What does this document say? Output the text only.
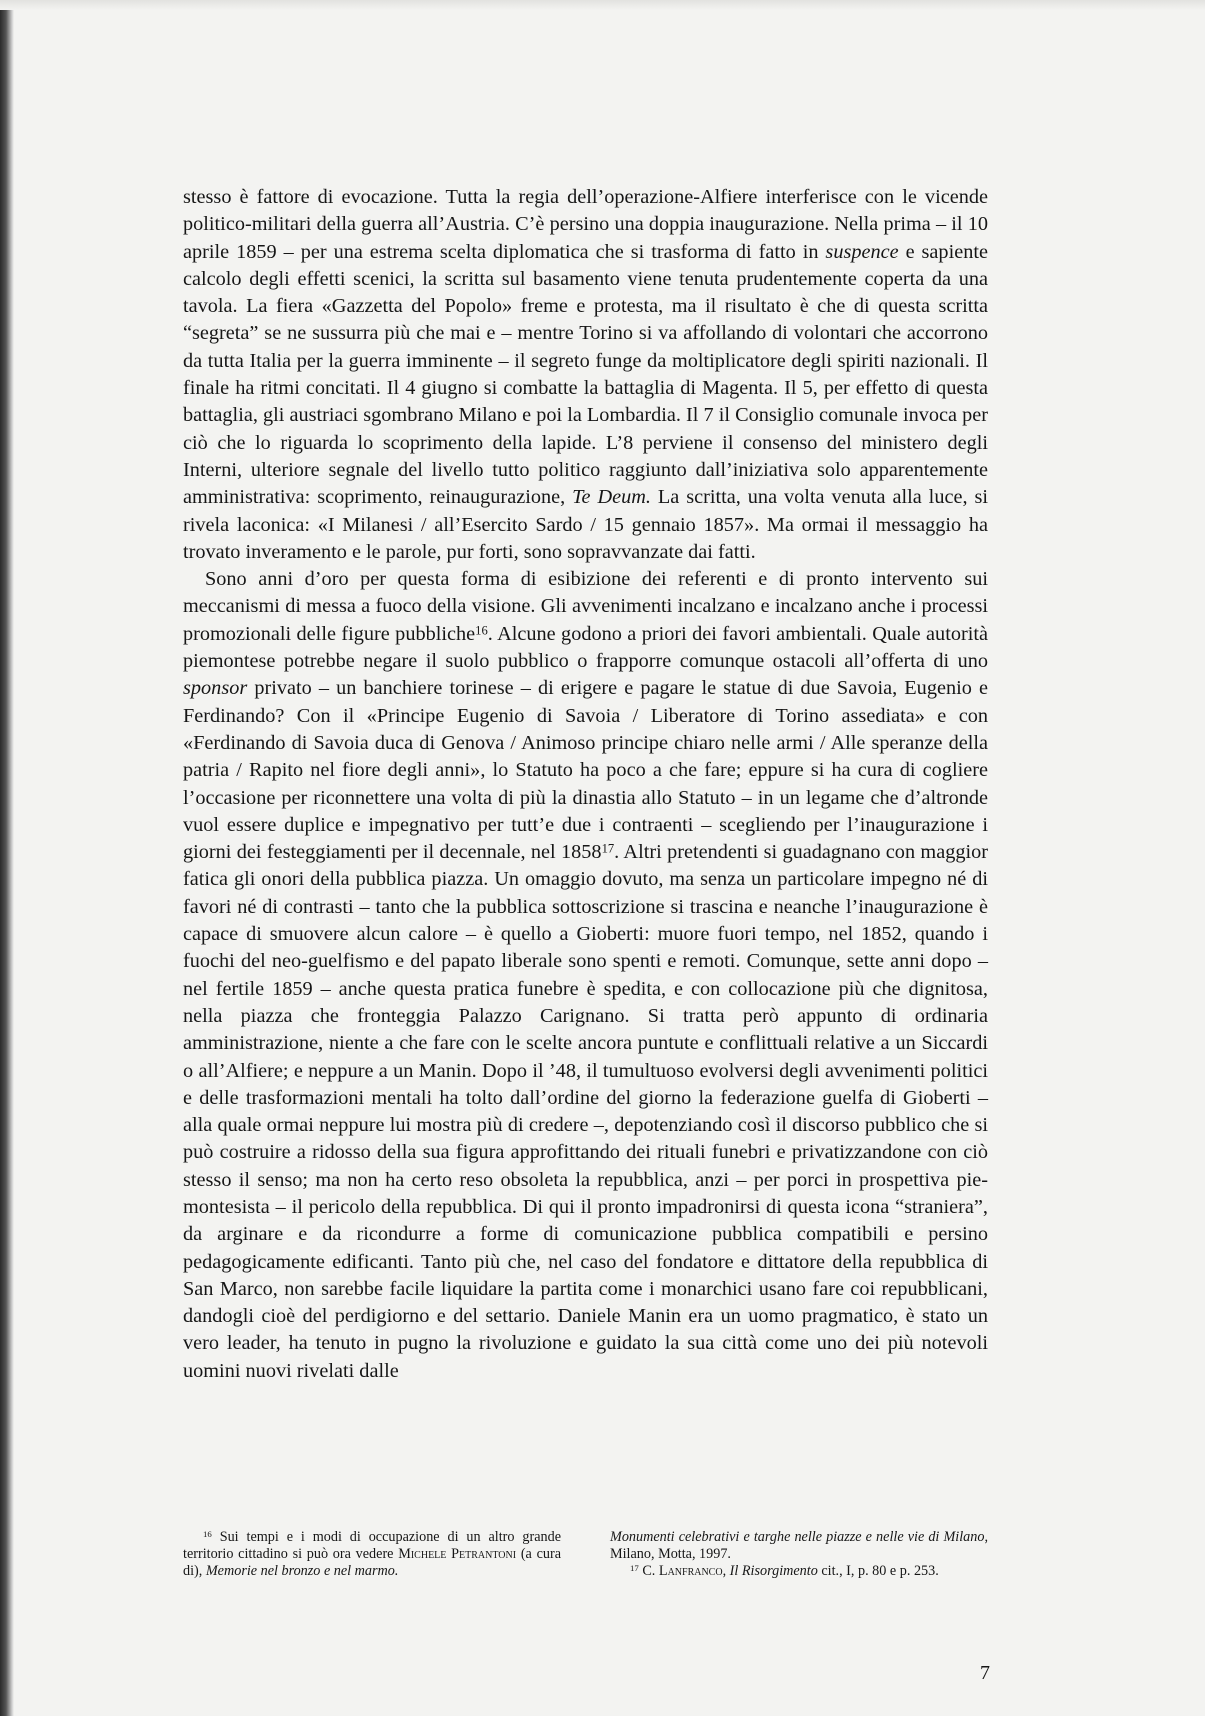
stesso è fattore di evocazione. Tutta la regia dell’operazione-Alfiere interferisce con le vicende politico-militari della guerra all’Austria. C’è persino una doppia inaugurazione. Nella prima – il 10 aprile 1859 – per una estrema scelta diplomatica che si trasforma di fatto in suspence e sapiente calcolo degli effetti scenici, la scritta sul basamento viene tenuta prudentemente coperta da una tavola. La fiera «Gazzetta del Popolo» freme e protesta, ma il risultato è che di questa scritta “segreta” se ne sussurra più che mai e – mentre Torino si va affollando di volontari che accorrono da tutta Italia per la guerra imminente – il segreto funge da moltiplicatore degli spiriti nazionali. Il finale ha ritmi concitati. Il 4 giugno si combatte la battaglia di Magenta. Il 5, per effetto di questa battaglia, gli austriaci sgombrano Milano e poi la Lombardia. Il 7 il Consiglio comunale invoca per ciò che lo riguarda lo scoprimento della lapide. L’8 perviene il consenso del ministero degli Interni, ulteriore segnale del livello tutto politico raggiunto dall’iniziativa solo apparentemente amministrativa: scoprimento, reinaugurazione, Te Deum. La scritta, una volta venuta alla luce, si rivela laconica: «I Milanesi / all’Esercito Sardo / 15 gennaio 1857». Ma ormai il messaggio ha trovato inveramento e le parole, pur forti, sono sopravvanzate dai fatti.

Sono anni d’oro per questa forma di esibizione dei referenti e di pronto intervento sui meccanismi di messa a fuoco della visione. Gli avvenimenti incalzano e incalzano anche i processi promozionali delle figure pubbliche$^{16}$. Alcune godono a priori dei favori ambientali. Quale autorità piemontese potrebbe negare il suolo pubblico o frapporre comunque ostacoli all’offerta di uno sponsor privato – un banchiere torinese – di erigere e pagare le statue di due Savoia, Eugenio e Ferdinando? Con il «Principe Eugenio di Savoia / Liberatore di Torino assediata» e con «Ferdinando di Savoia duca di Genova / Animoso principe chiaro nelle armi / Alle speranze della patria / Rapito nel fiore degli anni», lo Statuto ha poco a che fare; eppure si ha cura di cogliere l’occasione per riconnettere una volta di più la dinastia allo Statuto – in un legame che d’altronde vuol essere duplice e impegnativo per tutt’e due i contraenti – scegliendo per l’inaugurazione i giorni dei festeggiamenti per il decennale, nel 1858$^{17}$. Altri pretendenti si guadagnano con maggior fatica gli onori della pubblica piazza. Un omaggio dovuto, ma senza un particolare impegno né di favori né di contrasti – tanto che la pubblica sottoscrizione si trascina e neanche l’inaugurazione è capace di smuovere alcun calore – è quello a Gioberti: muore fuori tempo, nel 1852, quando i fuochi del neo-guelfismo e del papato liberale sono spenti e remoti. Comunque, sette anni dopo – nel fertile 1859 – anche questa pratica funebre è spedita, e con collocazione più che dignitosa, nella piazza che fronteggia Palazzo Carignano. Si tratta però appunto di ordinaria amministrazione, niente a che fare con le scelte ancora puntute e conflittuali relative a un Siccardi o all’Alfiere; e neppure a un Manin. Dopo il ’48, il tumultuoso evolversi degli avvenimenti politici e delle trasformazioni mentali ha tolto dall’ordine del giorno la federazione guelfa di Gioberti – alla quale ormai neppure lui mostra più di credere –, depotenziando così il discorso pubblico che si può costruire a ridosso della sua figura approfittando dei rituali funebri e privatizzandone con ciò stesso il senso; ma non ha certo reso obsoleta la repubblica, anzi – per porci in prospettiva piemontesista – il pericolo della repubblica. Di qui il pronto impadronirsi di questa icona “straniera”, da arginare e da ricondurre a forme di comunicazione pubblica compatibili e persino pedagogicamente edificanti. Tanto più che, nel caso del fondatore e dittatore della repubblica di San Marco, non sarebbe facile liquidare la partita come i monarchici usano fare coi repubblicani, dandogli cioè del perdigiorno e del settario. Daniele Manin era un uomo pragmatico, è stato un vero leader, ha tenuto in pugno la rivoluzione e guidato la sua città come uno dei più notevoli uomini nuovi rivelati dalle

$^{16}$ Sui tempi e i modi di occupazione di un altro grande territorio cittadino si può ora vedere Michele Petrantoni (a cura di), Memorie nel bronzo e nel marmo.

Monumenti celebrativi e targhe nelle piazze e nelle vie di Milano, Milano, Motta, 1997.

$^{17}$ C. Lanfranco, Il Risorgimento cit., I, p. 80 e p. 253.

7
